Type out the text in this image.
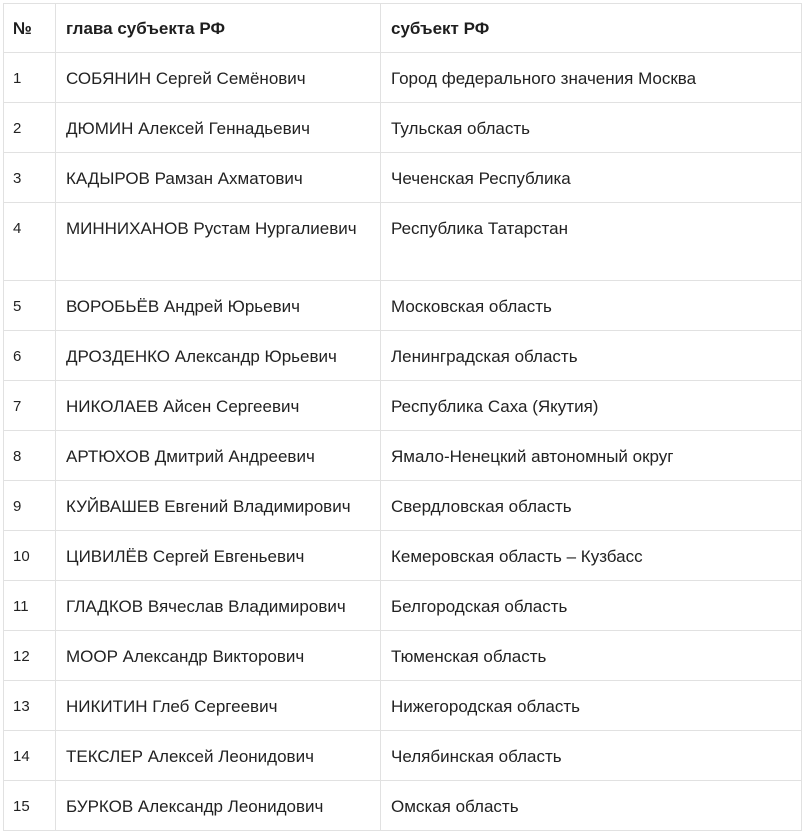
№	глава субъекта РФ	субъект РФ
1	СОБЯНИН Сергей Семёнович	Город федерального значения Москва
2	ДЮМИН Алексей Геннадьевич	Тульская область
3	КАДЫРОВ Рамзан Ахматович	Чеченская Республика
4	МИННИХАНОВ Рустам Нургалиевич	Республика Татарстан
5	ВОРОБЬЁВ Андрей Юрьевич	Московская область
6	ДРОЗДЕНКО Александр Юрьевич	Ленинградская область
7	НИКОЛАЕВ Айсен Сергеевич	Республика Саха (Якутия)
8	АРТЮХОВ Дмитрий Андреевич	Ямало-Ненецкий автономный округ
9	КУЙВАШЕВ Евгений Владимирович	Свердловская область
10	ЦИВИЛЁВ Сергей Евгеньевич	Кемеровская область – Кузбасс
11	ГЛАДКОВ Вячеслав Владимирович	Белгородская область
12	МООР Александр Викторович	Тюменская область
13	НИКИТИН Глеб Сергеевич	Нижегородская область
14	ТЕКСЛЕР Алексей Леонидович	Челябинская область
15	БУРКОВ Александр Леонидович	Омская область
